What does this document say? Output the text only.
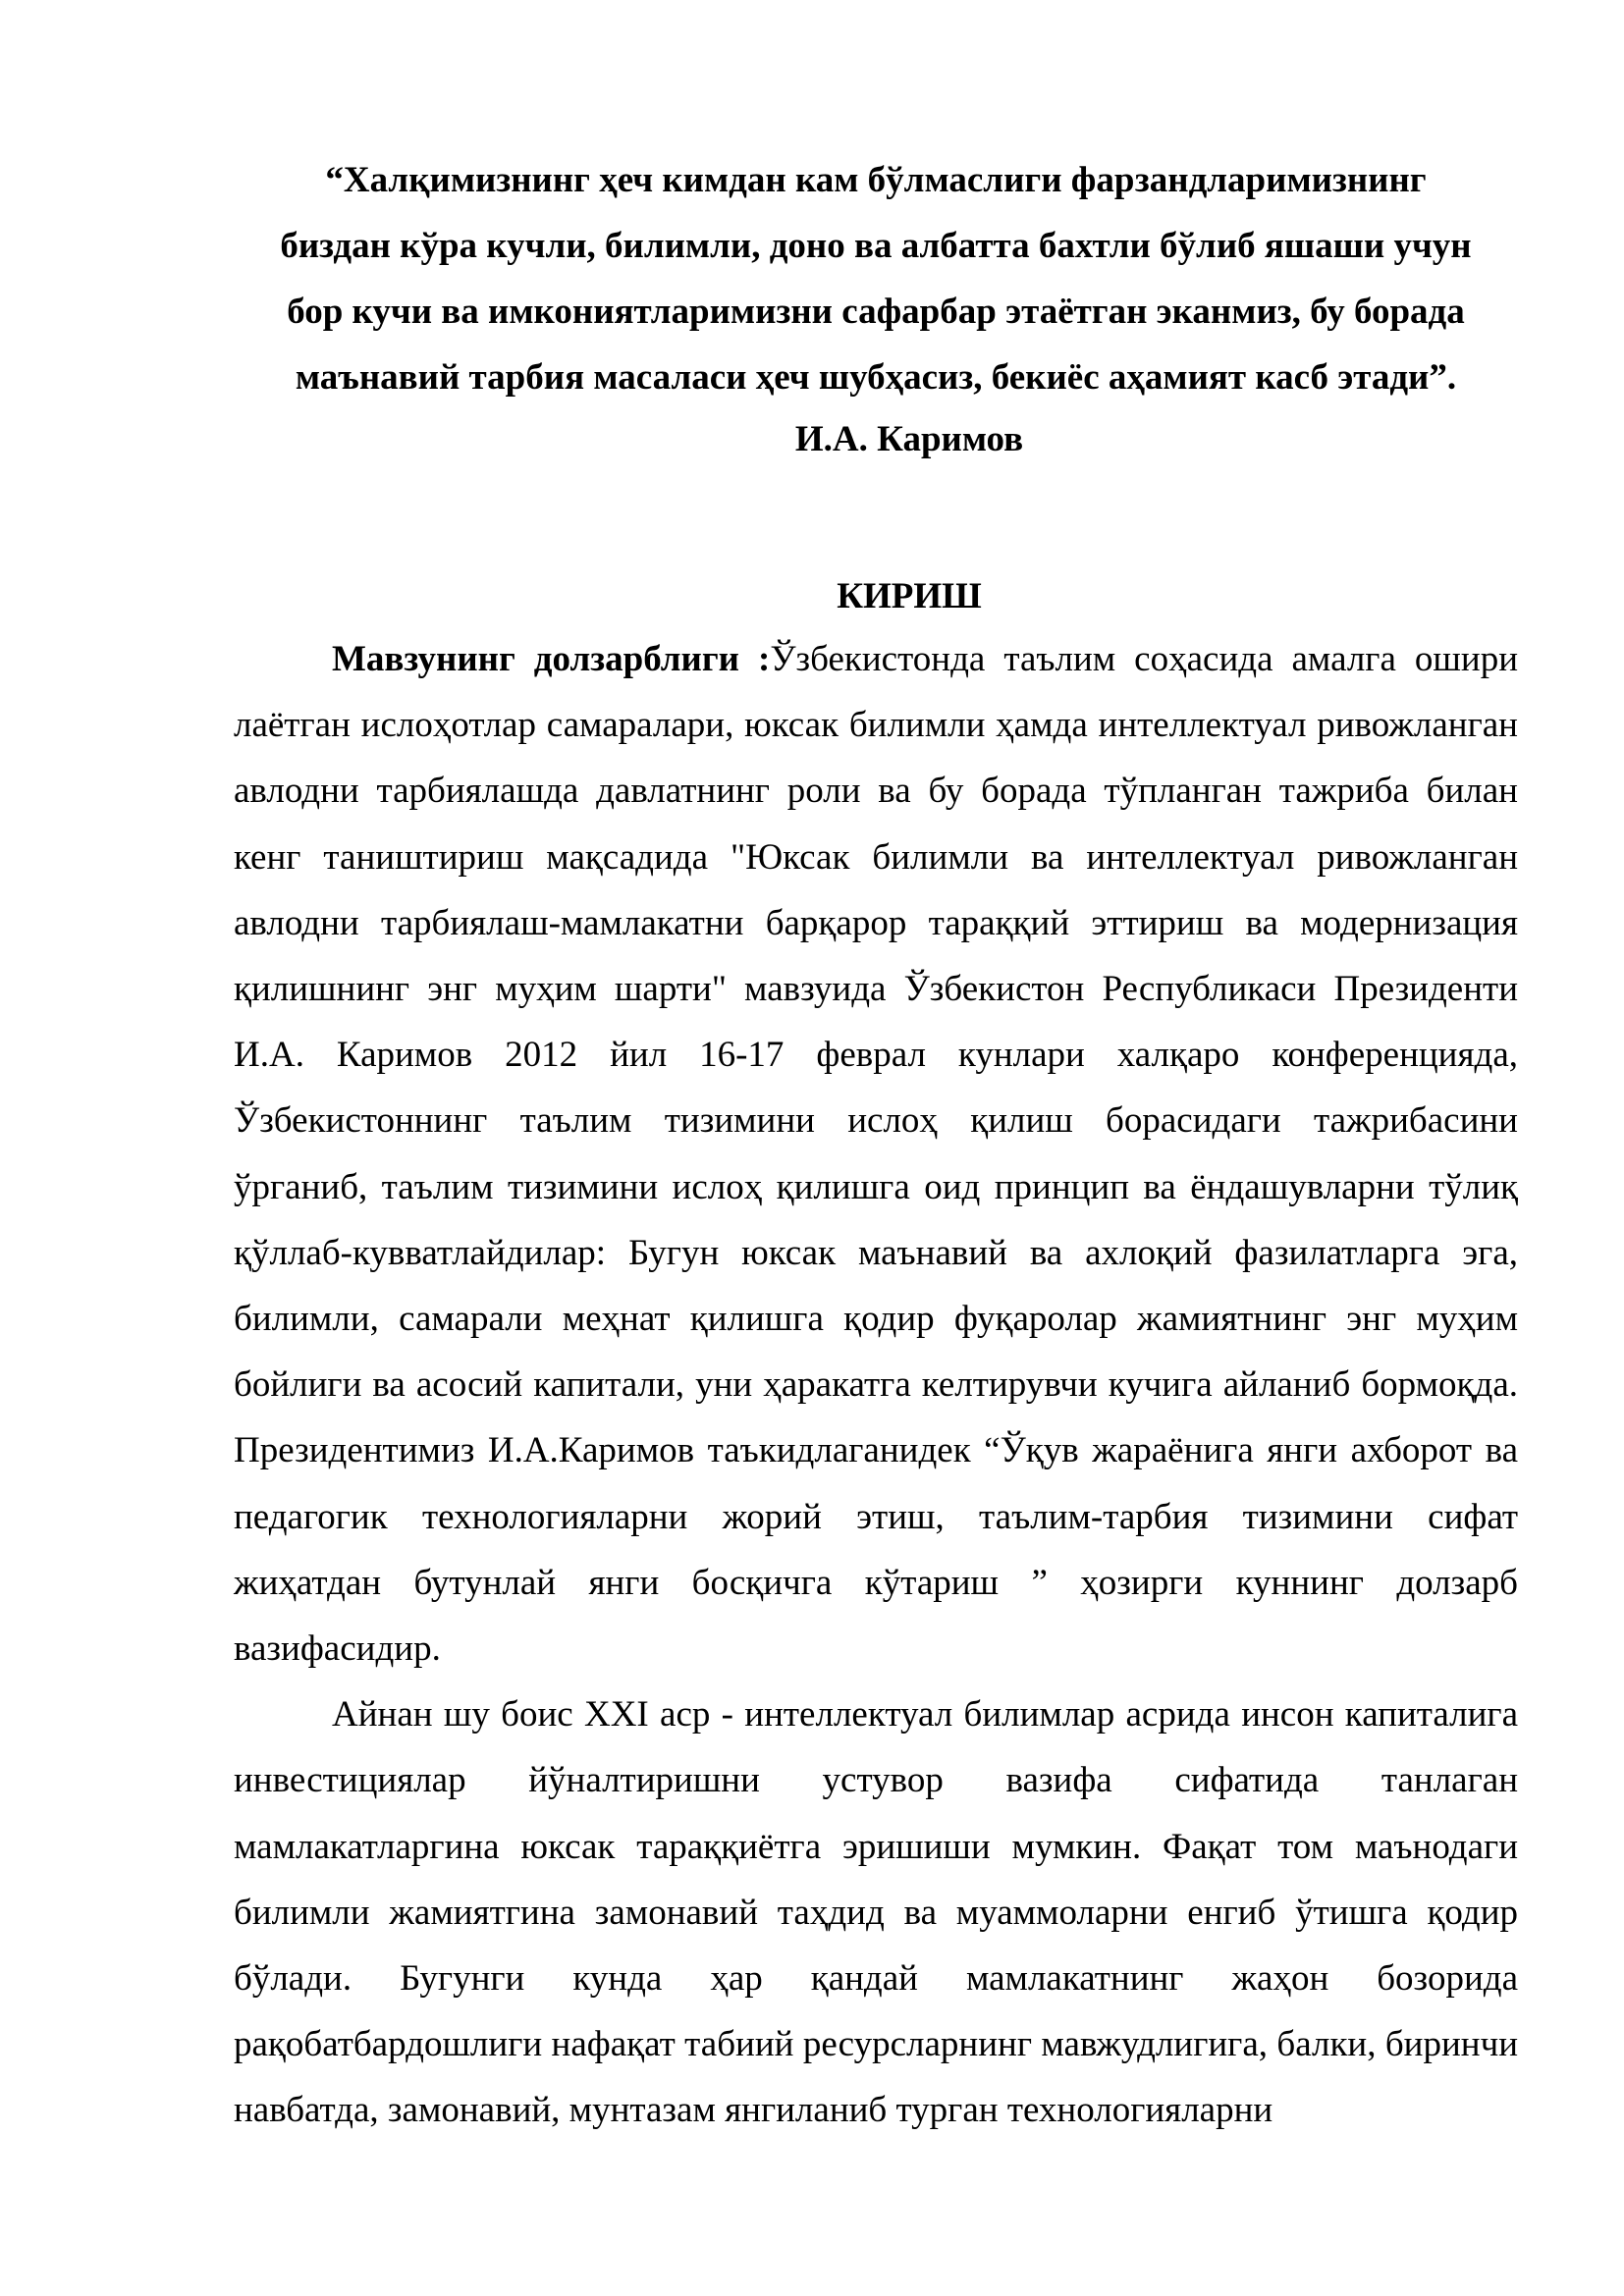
“Халқимизнинг ҳеч кимдан кам бўлмаслиги фарзандларимизнинг
биздан кўра кучли, билимли, доно ва албатта бахтли бўлиб яшаши учун
бор кучи ва имкониятларимизни сафарбар этаётган эканмиз, бу борада
маънавий тарбия масаласи ҳеч шубҳасиз, бекиёс аҳамият касб этади”.

И.А. Каримов

КИРИШ

Мавзунинг долзарблиги :Ўзбекистонда таълим соҳасида амалга ошири лаётган ислоҳотлар самаралари, юксак билимли ҳамда интеллектуал ривожланган авлодни тарбиялашда давлатнинг роли ва бу борада тўпланган тажриба билан кенг таништириш мақсадида "Юксак билимли ва интеллектуал ривожланган авлодни тарбиялаш-мамлакатни барқарор тараққий эттириш ва модернизация қилишнинг энг муҳим шарти" мавзуида Ўзбекистон Республикаси Президенти И.А. Каримов 2012 йил 16-17 феврал кунлари халқаро конференцияда, Ўзбекистоннинг таълим тизимини ислоҳ қилиш борасидаги тажрибасини ўрганиб, таълим тизимини ислоҳ қилишга оид принцип ва ёндашувларни тўлиқ қўллаб-кувватлайдилар: Бугун юксак маънавий ва ахлоқий фазилатларга эга, билимли, самарали меҳнат қилишга қодир фуқаролар жамиятнинг энг муҳим бойлиги ва асосий капитали, уни ҳаракатга келтирувчи кучига айланиб бормоқда. Президентимиз И.А.Каримов таъкидлаганидек “Ўқув жараёнига янги ахборот ва педагогик технологияларни жорий этиш, таълим-тарбия тизимини сифат жиҳатдан бутунлай янги босқичга кўтариш ” ҳозирги куннинг долзарб вазифасидир.

Айнан шу боис XXI аср - интеллектуал билимлар асрида инсон капиталига инвестициялар йўналтиришни устувор вазифа сифатида танлаган мамлакатларгина юксак тараққиётга эришиши мумкин. Фақат том маънодаги билимли жамиятгина замонавий таҳдид ва муаммоларни енгиб ўтишга қодир бўлади. Бугунги кунда ҳар қандай мамлакатнинг жаҳон бозорида рақобатбардошлиги нафақат табиий ресурсларнинг мавжудлигига, балки, биринчи навбатда, замонавий, мунтазам янгиланиб турган технологияларни
